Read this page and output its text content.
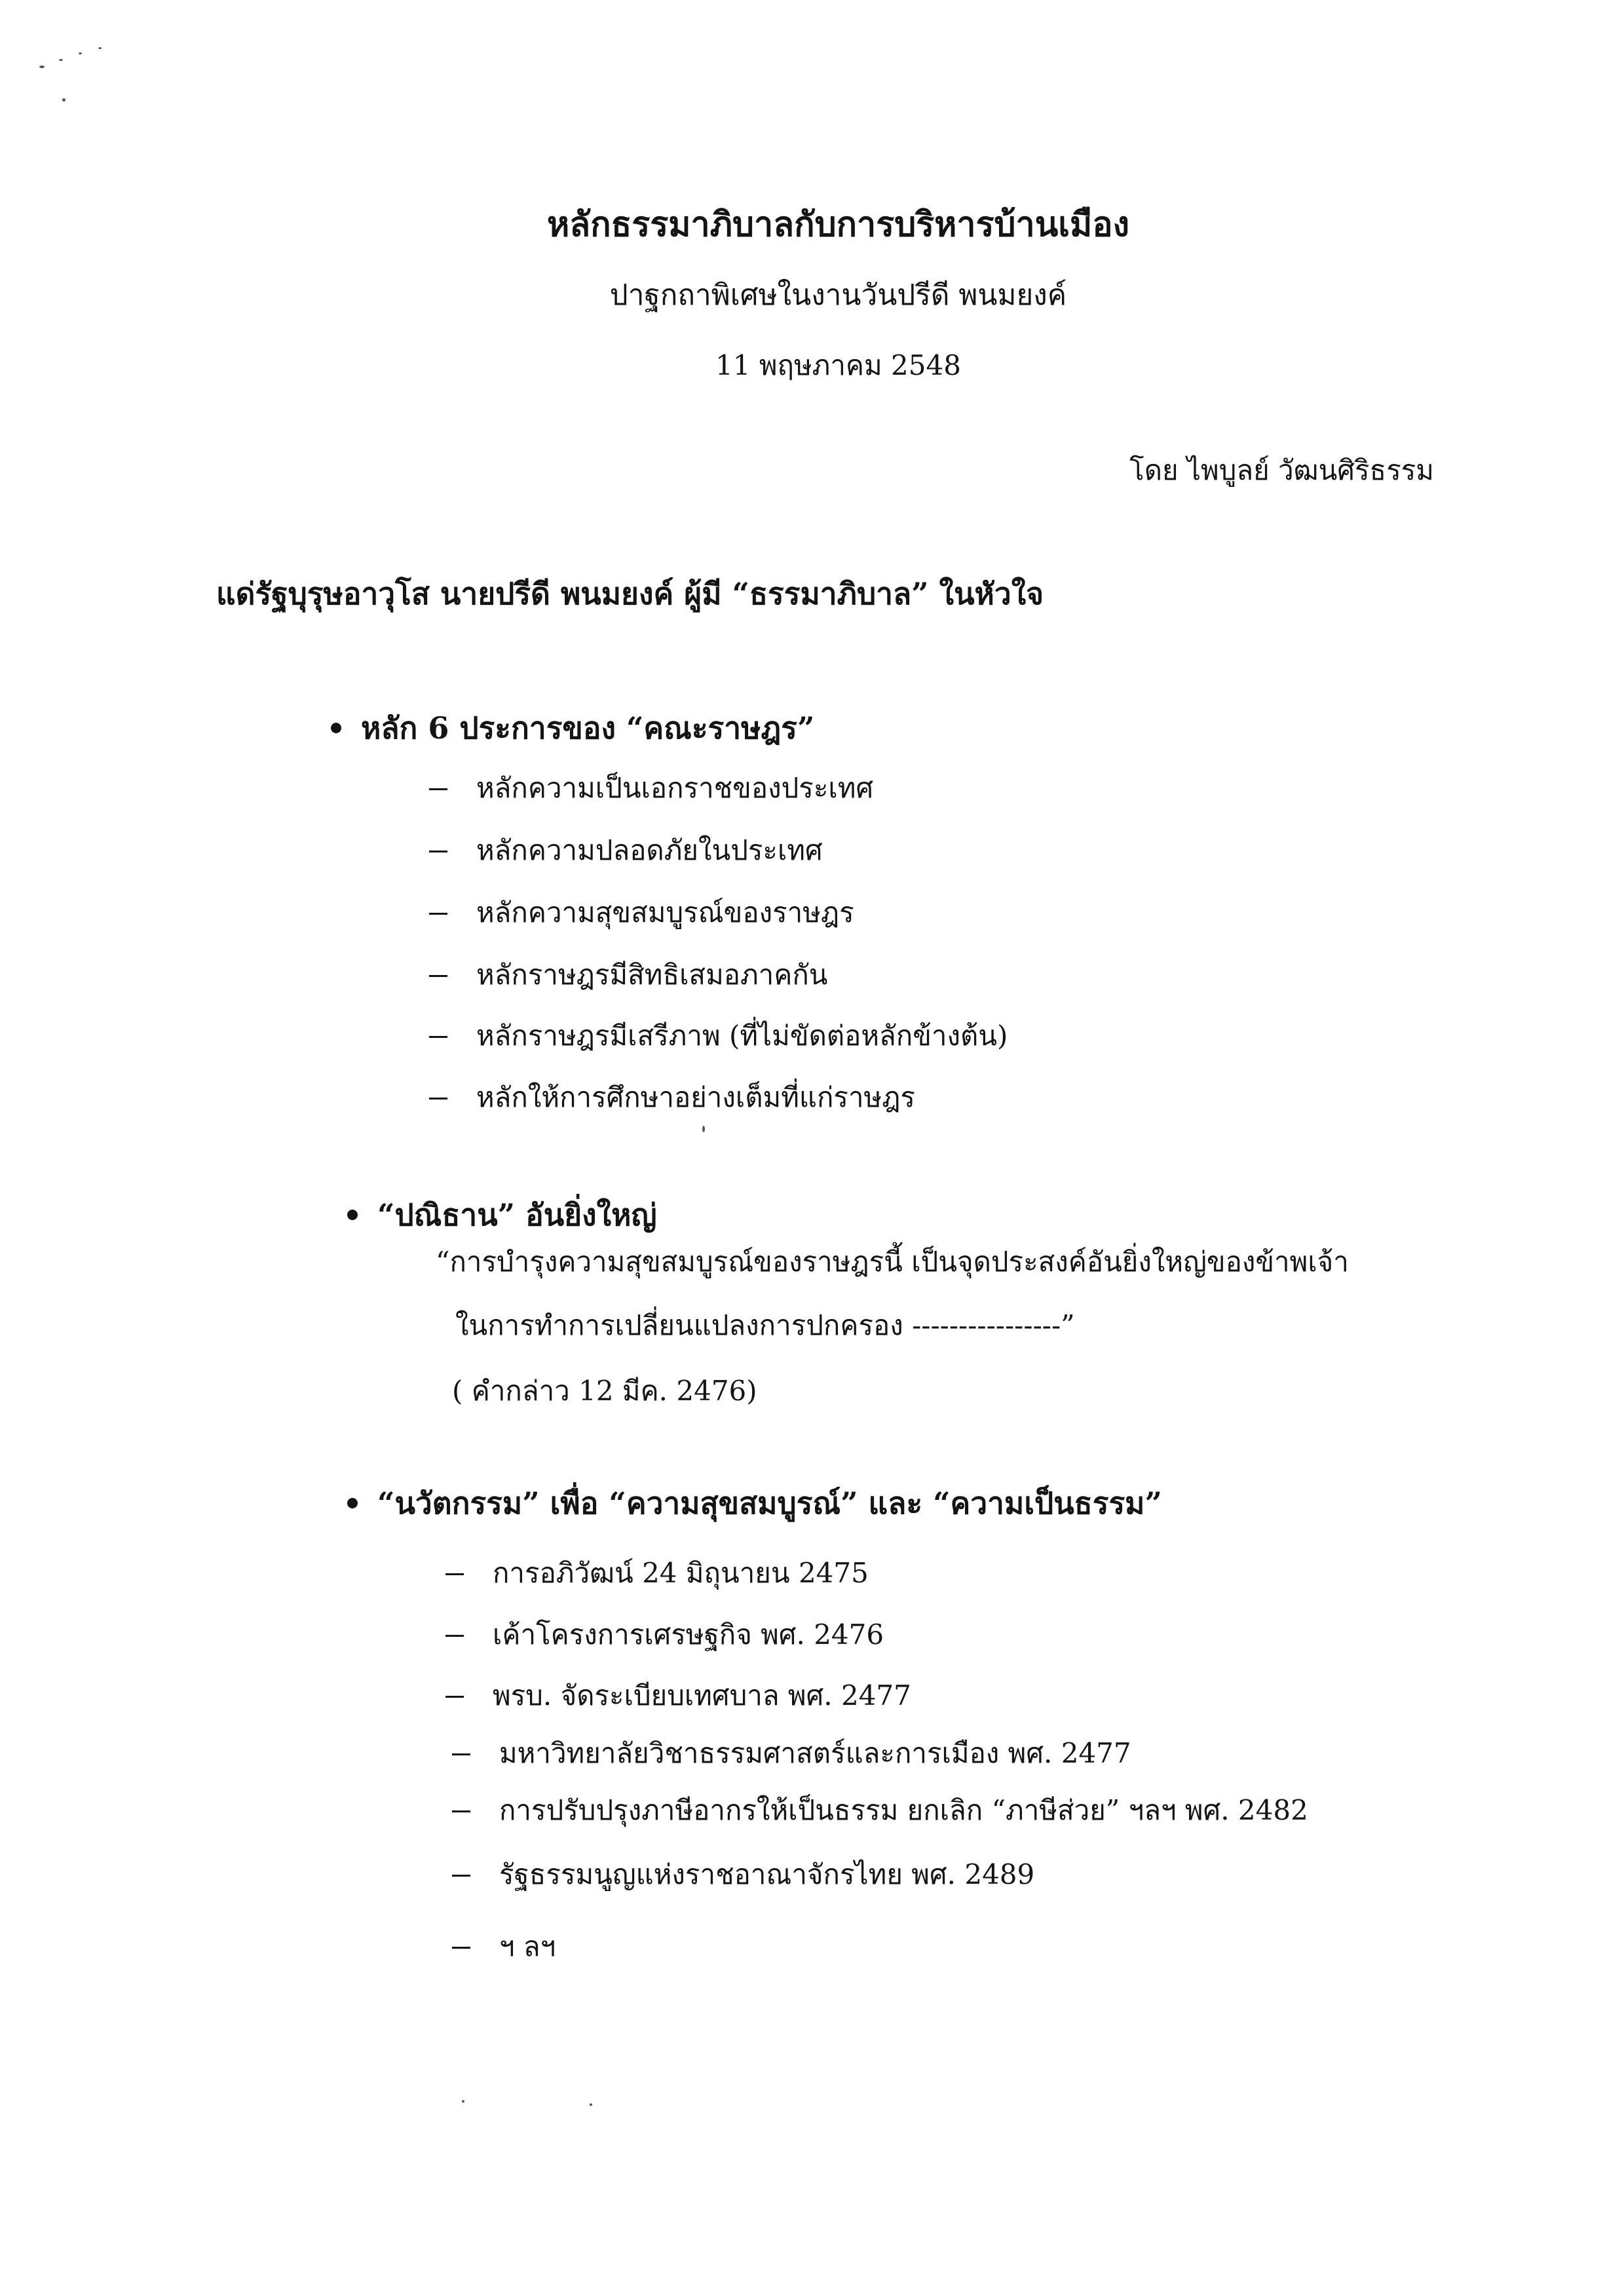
หลักธรรมาภิบาลกับการบริหารบ้านเมือง
ปาฐกถาพิเศษในงานวันปรีดี พนมยงค์
11 พฤษภาคม 2548
โดย ไพบูลย์ วัฒนศิริธรรม
แด่รัฐบุรุษอาวุโส นายปรีดี พนมยงค์ ผู้มี “ธรรมาภิบาล” ในหัวใจ
หลัก 6 ประการของ “คณะราษฎร”
หลักความเป็นเอกราชของประเทศ
หลักความปลอดภัยในประเทศ
หลักความสุขสมบูรณ์ของราษฎร
หลักราษฎรมีสิทธิเสมอภาคกัน
หลักราษฎรมีเสรีภาพ (ที่ไม่ขัดต่อหลักข้างต้น)
หลักให้การศึกษาอย่างเต็มที่แก่ราษฎร
“ปณิธาน” อันยิ่งใหญ่
“การบำรุงความสุขสมบูรณ์ของราษฎรนี้ เป็นจุดประสงค์อันยิ่งใหญ่ของข้าพเจ้า
ในการทำการเปลี่ยนแปลงการปกครอง ----------------”
( คำกล่าว 12 มีค. 2476)
“นวัตกรรม” เพื่อ “ความสุขสมบูรณ์” และ “ความเป็นธรรม”
การอภิวัฒน์ 24 มิถุนายน 2475
เค้าโครงการเศรษฐกิจ พศ. 2476
พรบ. จัดระเบียบเทศบาล พศ. 2477
มหาวิทยาลัยวิชาธรรมศาสตร์และการเมือง พศ. 2477
การปรับปรุงภาษีอากรให้เป็นธรรม ยกเลิก “ภาษีส่วย” ฯลฯ พศ. 2482
รัฐธรรมนูญแห่งราชอาณาจักรไทย พศ. 2489
ฯ ลฯ
